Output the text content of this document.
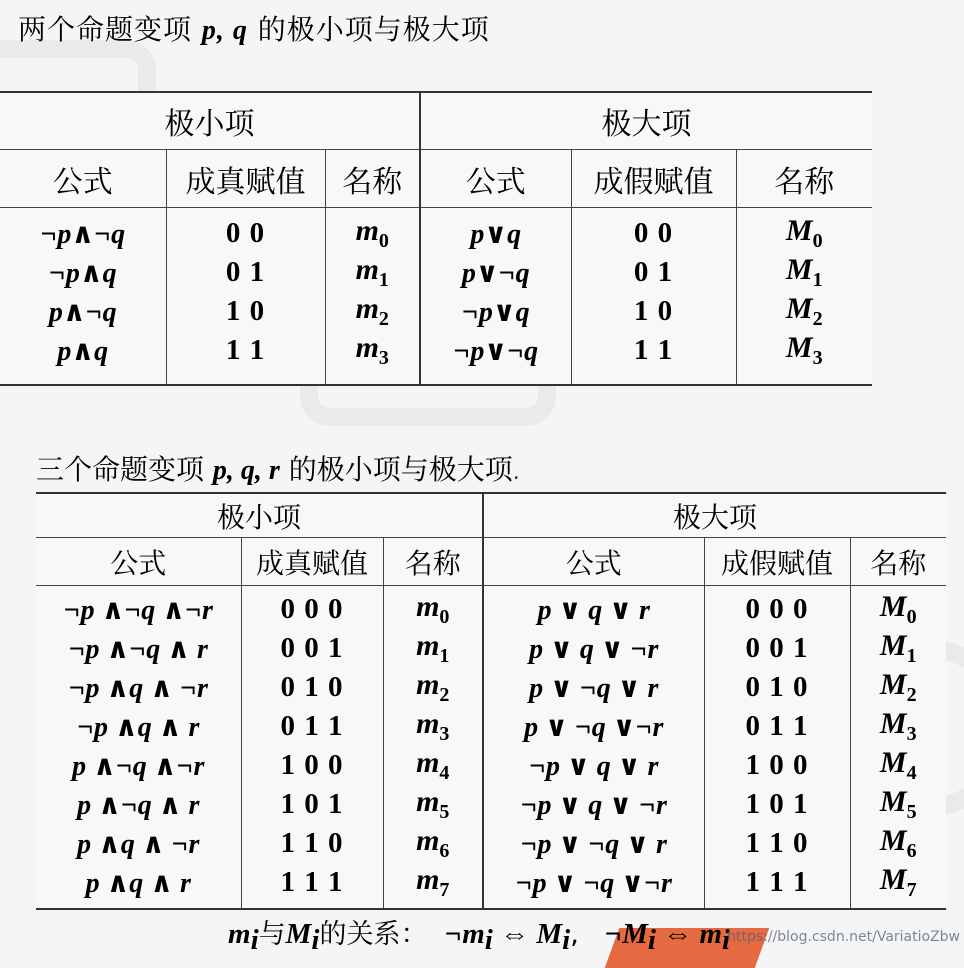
两个命题变项 p, q 的极小项与极大项
极小项			极大项		
公式	成真赋值	名称	公式	成假赋值	名称
¬p∧¬q	0 0	$m_0$	p∨q	0 0	$M_0$
¬p∧q	0 1	$m_1$	p∨¬q	0 1	$M_1$
p∧¬q	1 0	$m_2$	¬p∨q	1 0	$M_2$
p∧q	1 1	$m_3$	¬p∨¬q	1 1	$M_3$
三个命题变项 p, q, r 的极小项与极大项.
极小项			极大项		
公式	成真赋值	名称	公式	成假赋值	名称
¬p ∧¬q ∧¬r	0 0 0	$m_0$	p ∨ q ∨ r	0 0 0	$M_0$
¬p ∧¬q ∧ r	0 0 1	$m_1$	p ∨ q ∨ ¬r	0 0 1	$M_1$
¬p ∧q ∧ ¬r	0 1 0	$m_2$	p ∨ ¬q ∨ r	0 1 0	$M_2$
¬p ∧q ∧ r	0 1 1	$m_3$	p ∨ ¬q ∨¬r	0 1 1	$M_3$
p ∧¬q ∧¬r	1 0 0	$m_4$	¬p ∨ q ∨ r	1 0 0	$M_4$
p ∧¬q ∧ r	1 0 1	$m_5$	¬p ∨ q ∨ ¬r	1 0 1	$M_5$
p ∧q ∧ ¬r	1 1 0	$m_6$	¬p ∨ ¬q ∨ r	1 1 0	$M_6$
p ∧q ∧ r	1 1 1	$m_7$	¬p ∨ ¬q ∨¬r	1 1 1	$M_7$
$m_i$与$M_i$的关系： $\neg m_i$ ⇔ $M_i$, $\neg M_i$ ⇔ $m_i$
https://blog.csdn.net/VariatioZbw
